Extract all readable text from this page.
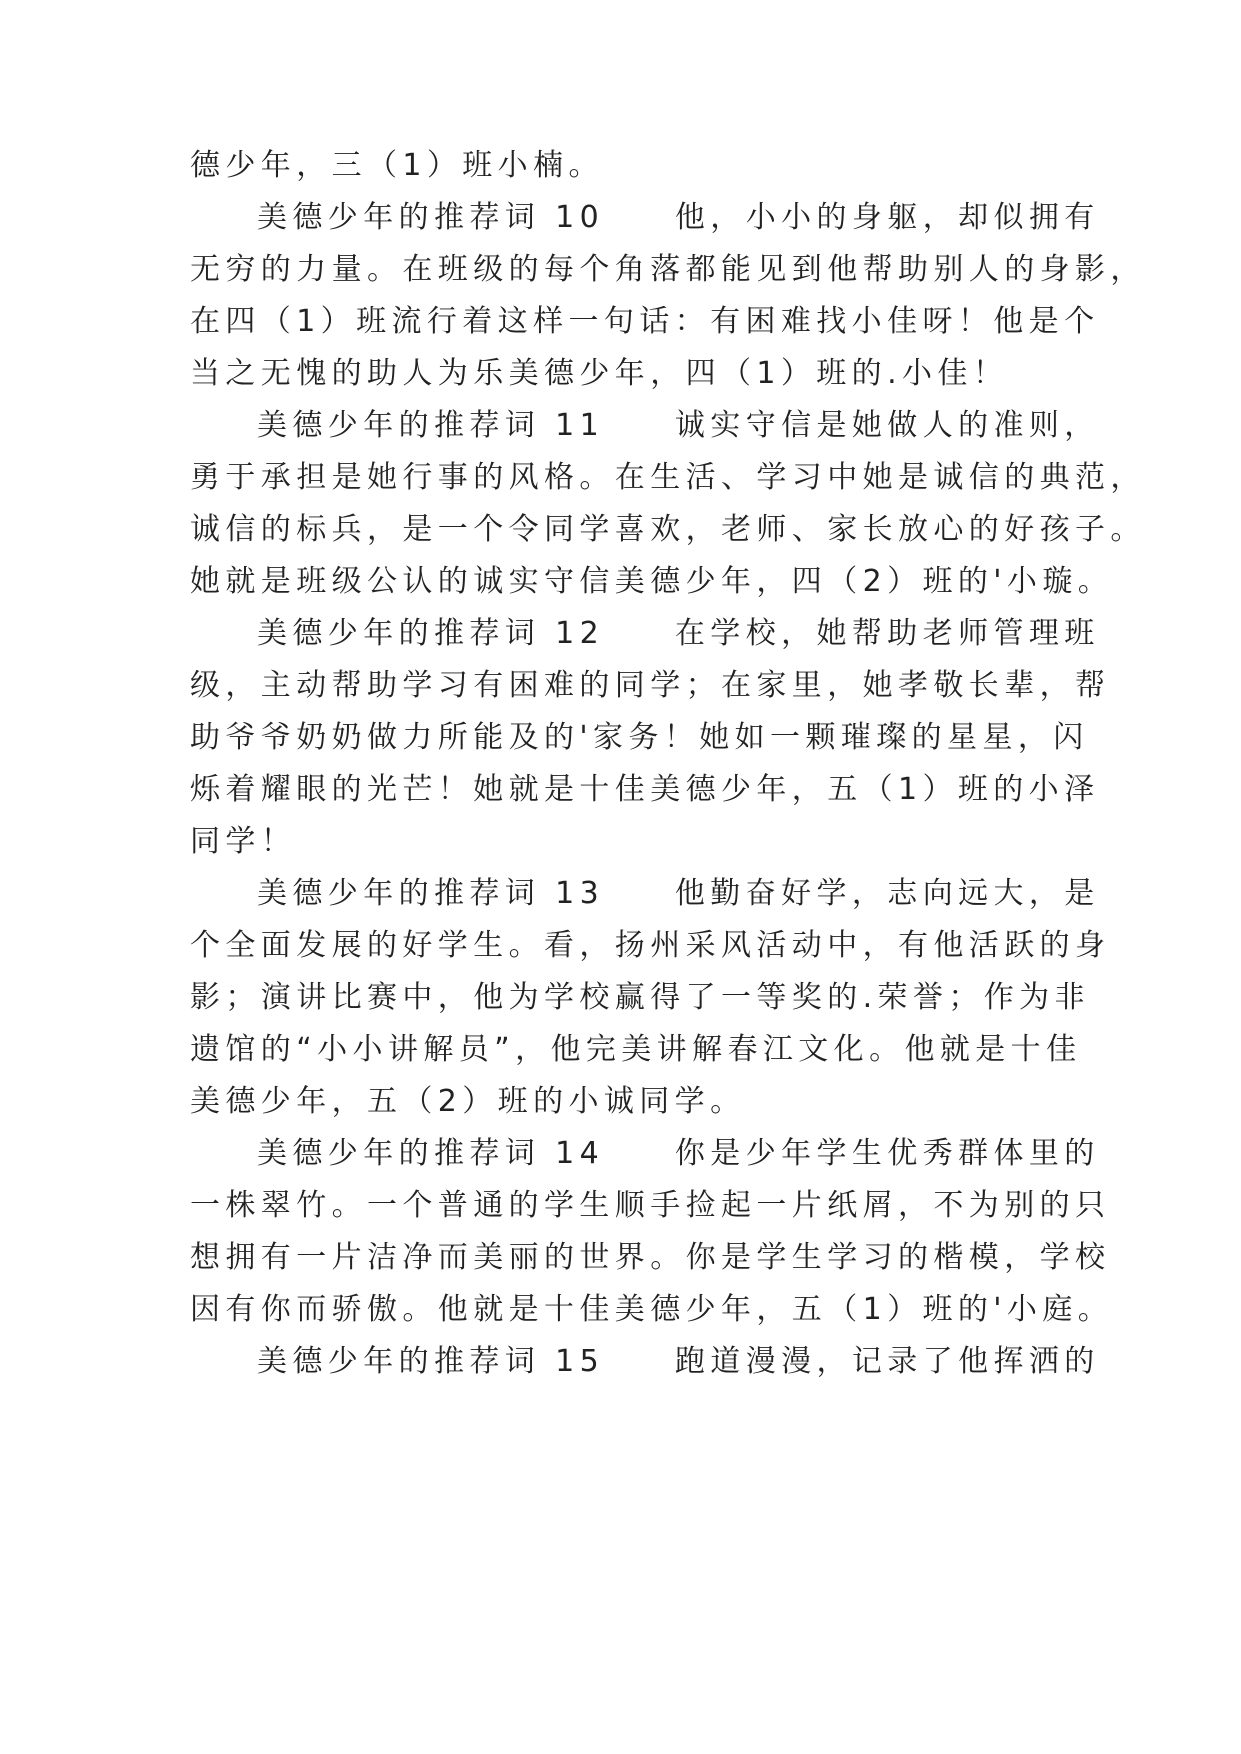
德少年，三（1）班小楠。
美德少年的推荐词 10　　他，小小的身躯，却似拥有
无穷的力量。在班级的每个角落都能见到他帮助别人的身影，
在四（1）班流行着这样一句话：有困难找小佳呀！他是个
当之无愧的助人为乐美德少年，四（1）班的.小佳！
美德少年的推荐词 11　　诚实守信是她做人的准则，
勇于承担是她行事的风格。在生活、学习中她是诚信的典范，
诚信的标兵，是一个令同学喜欢，老师、家长放心的好孩子。
她就是班级公认的诚实守信美德少年，四（2）班的'小璇。
美德少年的推荐词 12　　在学校，她帮助老师管理班
级，主动帮助学习有困难的同学；在家里，她孝敬长辈，帮
助爷爷奶奶做力所能及的'家务！她如一颗璀璨的星星，闪
烁着耀眼的光芒！她就是十佳美德少年，五（1）班的小泽
同学！
美德少年的推荐词 13　　他勤奋好学，志向远大，是
个全面发展的好学生。看，扬州采风活动中，有他活跃的身
影；演讲比赛中，他为学校赢得了一等奖的.荣誉；作为非
遗馆的“小小讲解员”，他完美讲解春江文化。他就是十佳
美德少年，五（2）班的小诚同学。
美德少年的推荐词 14　　你是少年学生优秀群体里的
一株翠竹。一个普通的学生顺手捡起一片纸屑，不为别的只
想拥有一片洁净而美丽的世界。你是学生学习的楷模，学校
因有你而骄傲。他就是十佳美德少年，五（1）班的'小庭。
美德少年的推荐词 15　　跑道漫漫，记录了他挥洒的
